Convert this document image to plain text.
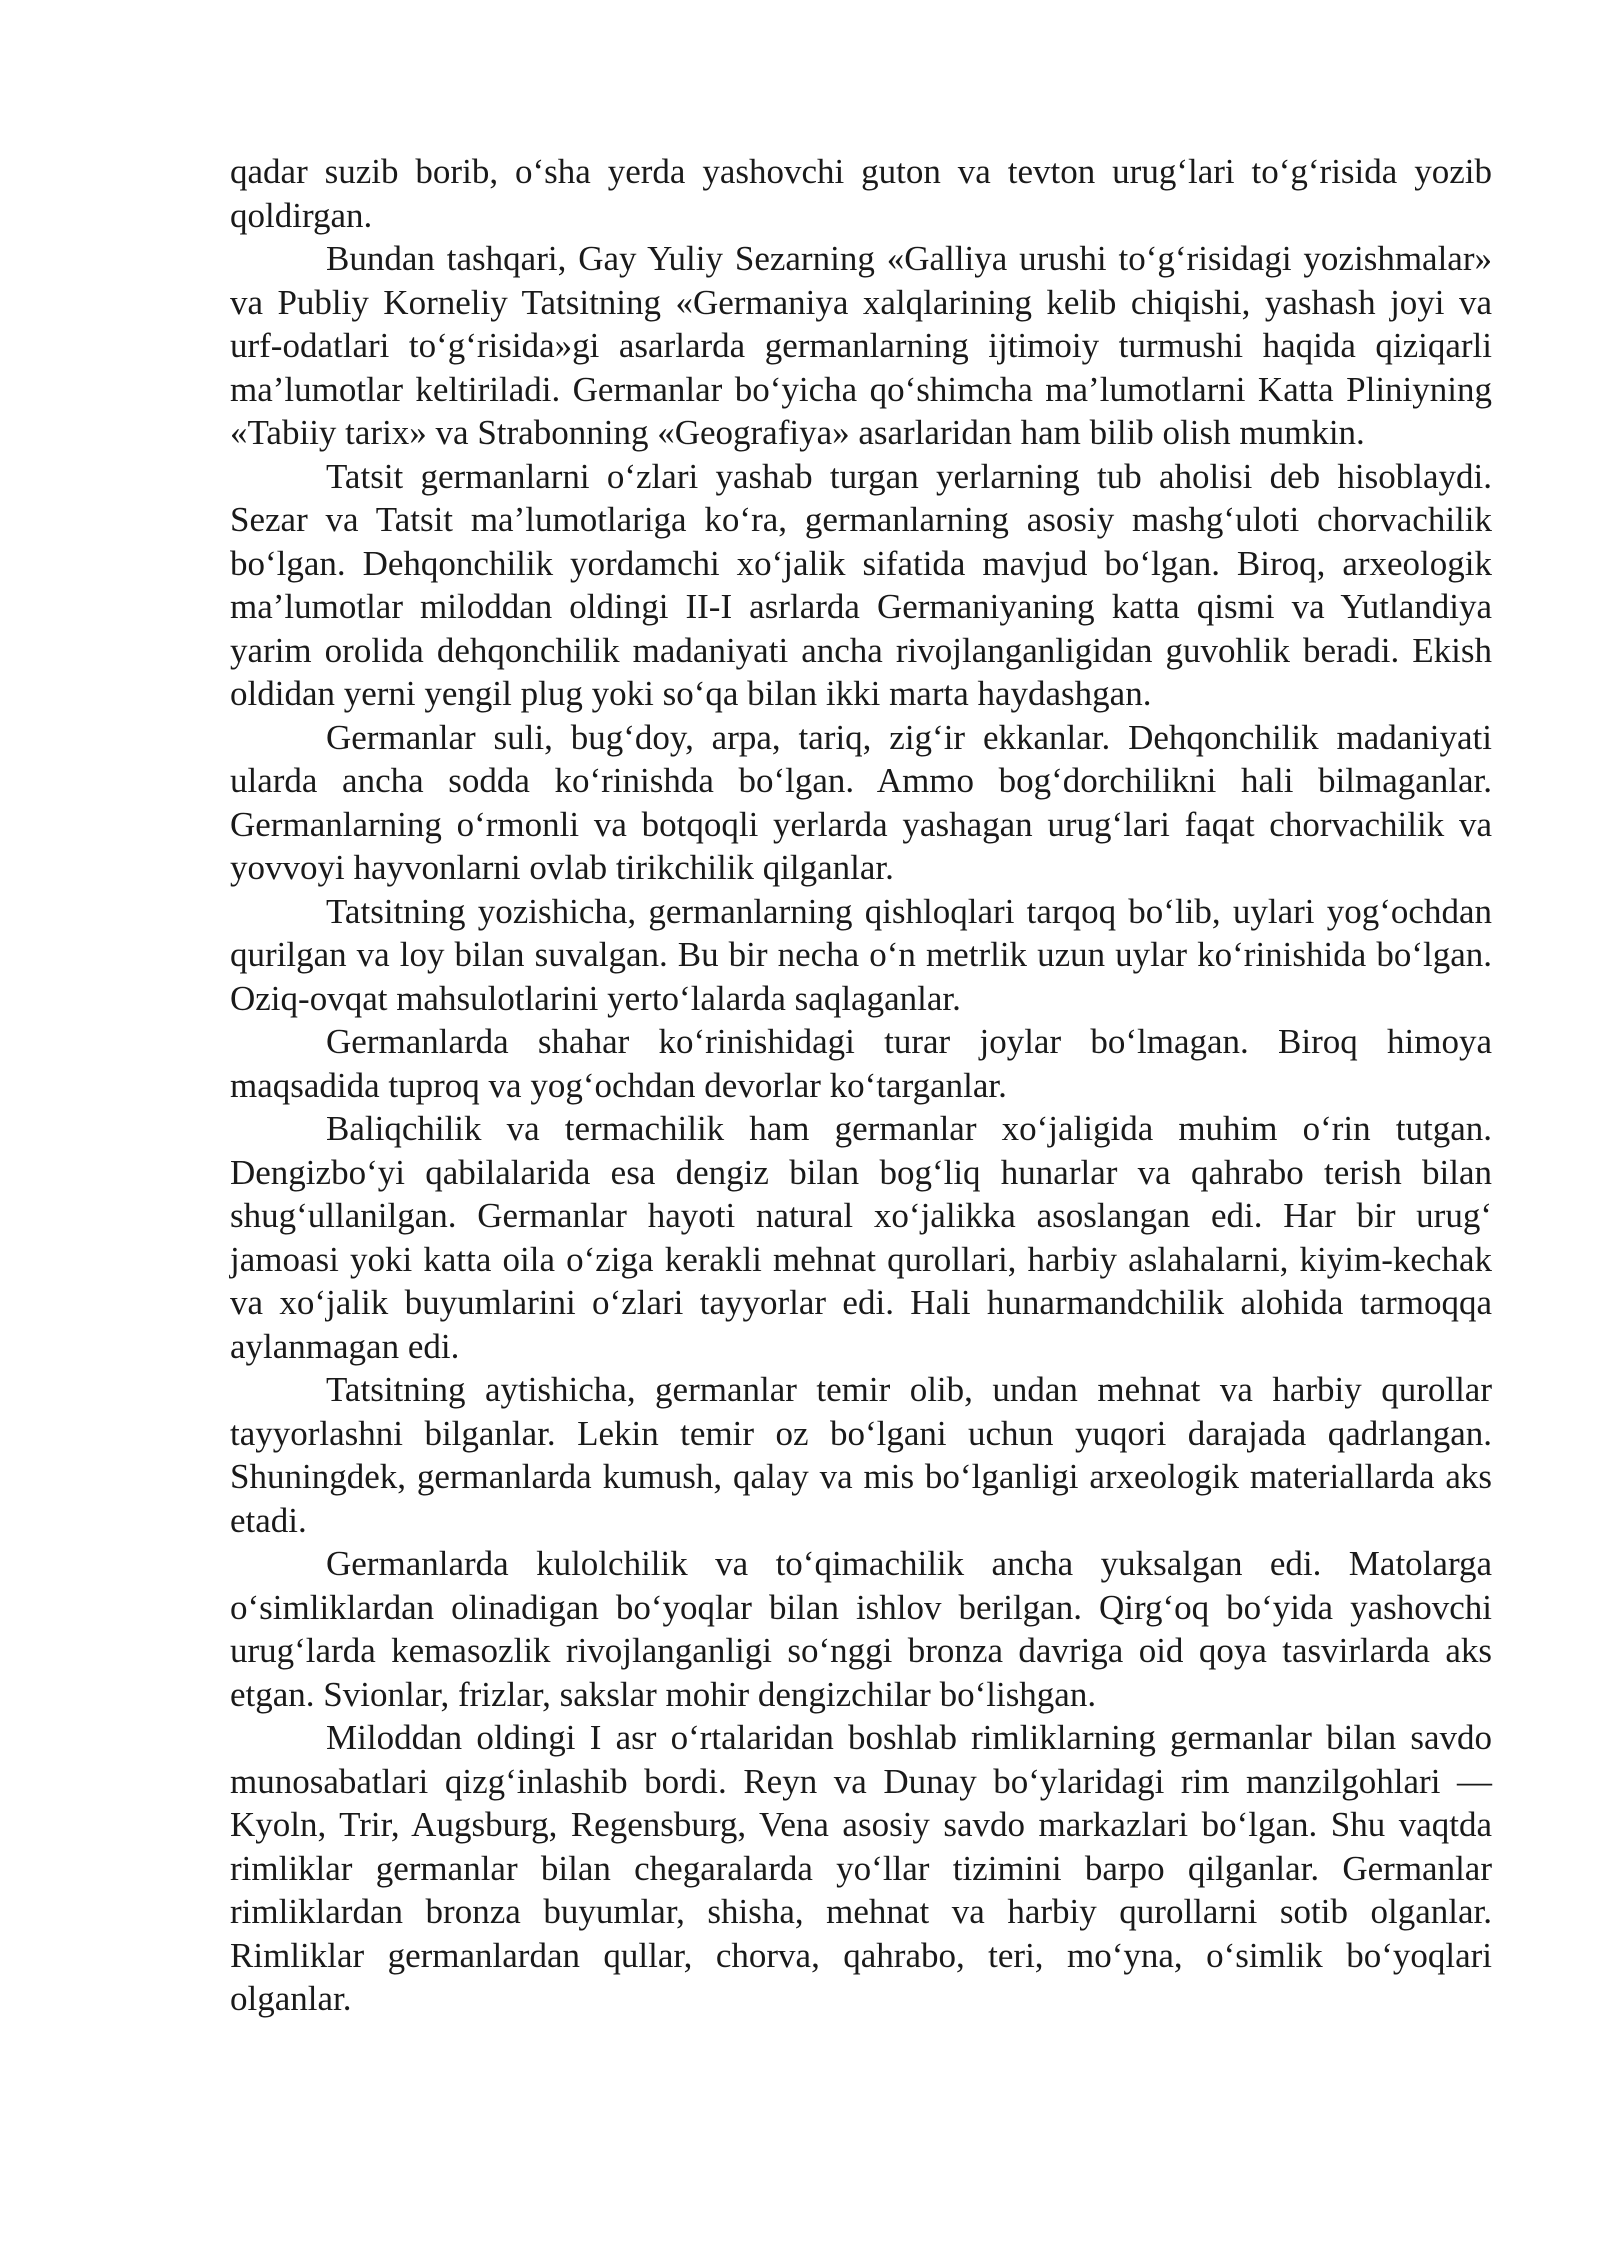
qadar suzib borib, o‘sha yerda yashovchi guton va tevton urug‘lari to‘g‘risida yozib qoldirgan.

Bundan tashqari, Gay Yuliy Sezarning «Galliya urushi to‘g‘risidagi yozishmalar» va Publiy Korneliy Tatsitning «Germaniya xalqlarining kelib chiqishi, yashash joyi va urf-odatlari to‘g‘risida»gi asarlarda germanlarning ijtimoiy turmushi haqida qiziqarli ma’lumotlar keltiriladi. Germanlar bo‘yicha qo‘shimcha ma’lumotlarni Katta Pliniyning «Tabiiy tarix» va Strabonning «Geografiya» asarlaridan ham bilib olish mumkin.

Tatsit germanlarni o‘zlari yashab turgan yerlarning tub aholisi deb hisoblaydi. Sezar va Tatsit ma’lumotlariga ko‘ra, germanlarning asosiy mashg‘uloti chorvachilik bo‘lgan. Dehqonchilik yordamchi xo‘jalik sifatida mavjud bo‘lgan. Biroq, arxeologik ma’lumotlar miloddan oldingi II-I asrlarda Germaniyaning katta qismi va Yutlandiya yarim orolida dehqonchilik madaniyati ancha rivojlanganligidan guvohlik beradi. Ekish oldidan yerni yengil plug yoki so‘qa bilan ikki marta haydashgan.

Germanlar suli, bug‘doy, arpa, tariq, zig‘ir ekkanlar. Dehqonchilik madaniyati ularda ancha sodda ko‘rinishda bo‘lgan. Ammo bog‘dorchilikni hali bilmaganlar. Germanlarning o‘rmonli va botqoqli yerlarda yashagan urug‘lari faqat chorvachilik va yovvoyi hayvonlarni ovlab tirikchilik qilganlar.

Tatsitning yozishicha, germanlarning qishloqlari tarqoq bo‘lib, uylari yog‘ochdan qurilgan va loy bilan suvalgan. Bu bir necha o‘n metrlik uzun uylar ko‘rinishida bo‘lgan. Oziq-ovqat mahsulotlarini yerto‘lalarda saqlaganlar.

Germanlarda shahar ko‘rinishidagi turar joylar bo‘lmagan. Biroq himoya maqsadida tuproq va yog‘ochdan devorlar ko‘targanlar.

Baliqchilik va termachilik ham germanlar xo‘jaligida muhim o‘rin tutgan. Dengizbo‘yi qabilalarida esa dengiz bilan bog‘liq hunarlar va qahrabo terish bilan shug‘ullanilgan. Germanlar hayoti natural xo‘jalikka asoslangan edi. Har bir urug‘ jamoasi yoki katta oila o‘ziga kerakli mehnat qurollari, harbiy aslahalarni, kiyim-kechak va xo‘jalik buyumlarini o‘zlari tayyorlar edi. Hali hunarmandchilik alohida tarmoqqa aylanmagan edi.

Tatsitning aytishicha, germanlar temir olib, undan mehnat va harbiy qurollar tayyorlashni bilganlar. Lekin temir oz bo‘lgani uchun yuqori darajada qadrlangan. Shuningdek, germanlarda kumush, qalay va mis bo‘lganligi arxeologik materiallarda aks etadi.

Germanlarda kulolchilik va to‘qimachilik ancha yuksalgan edi. Matolarga o‘simliklardan olinadigan bo‘yoqlar bilan ishlov berilgan. Qirg‘oq bo‘yida yashovchi urug‘larda kemasozlik rivojlanganligi so‘nggi bronza davriga oid qoya tasvirlarda aks etgan. Svionlar, frizlar, sakslar mohir dengizchilar bo‘lishgan.

Miloddan oldingi I asr o‘rtalaridan boshlab rimliklarning germanlar bilan savdo munosabatlari qizg‘inlashib bordi. Reyn va Dunay bo‘ylaridagi rim manzilgohlari — Kyoln, Trir, Augsburg, Regensburg, Vena asosiy savdo markazlari bo‘lgan. Shu vaqtda rimliklar germanlar bilan chegaralarda yo‘llar tizimini barpo qilganlar. Germanlar rimliklardan bronza buyumlar, shisha, mehnat va harbiy qurollarni sotib olganlar. Rimliklar germanlardan qullar, chorva, qahrabo, teri, mo‘yna, o‘simlik bo‘yoqlari olganlar.
